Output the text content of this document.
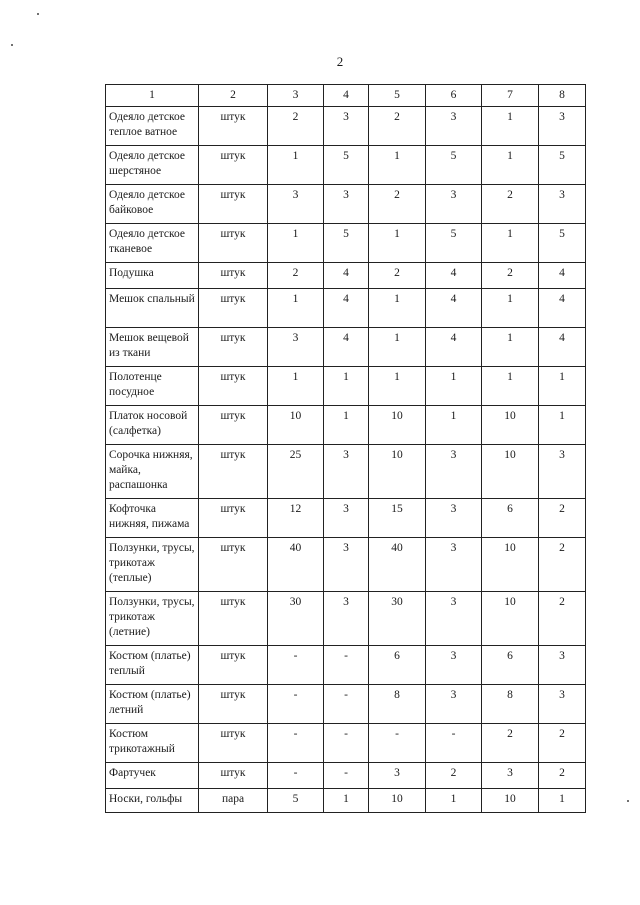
2
1	2	3	4	5	6	7	8
Одеяло детское теплое ватное	штук	2	3	2	3	1	3
Одеяло детское шерстяное	штук	1	5	1	5	1	5
Одеяло детское байковое	штук	3	3	2	3	2	3
Одеяло детское тканевое	штук	1	5	1	5	1	5
Подушка	штук	2	4	2	4	2	4
Мешок спальный	штук	1	4	1	4	1	4
Мешок вещевой из ткани	штук	3	4	1	4	1	4
Полотенце посудное	штук	1	1	1	1	1	1
Платок носовой (салфетка)	штук	10	1	10	1	10	1
Сорочка нижняя, майка, распашонка	штук	25	3	10	3	10	3
Кофточка нижняя, пижама	штук	12	3	15	3	6	2
Ползунки, трусы, трикотаж (теплые)	штук	40	3	40	3	10	2
Ползунки, трусы, трикотаж (летние)	штук	30	3	30	3	10	2
Костюм (платье) теплый	штук	-	-	6	3	6	3
Костюм (платье) летний	штук	-	-	8	3	8	3
Костюм трикотажный	штук	-	-	-	-	2	2
Фартучек	штук	-	-	3	2	3	2
Носки, гольфы	пара	5	1	10	1	10	1
